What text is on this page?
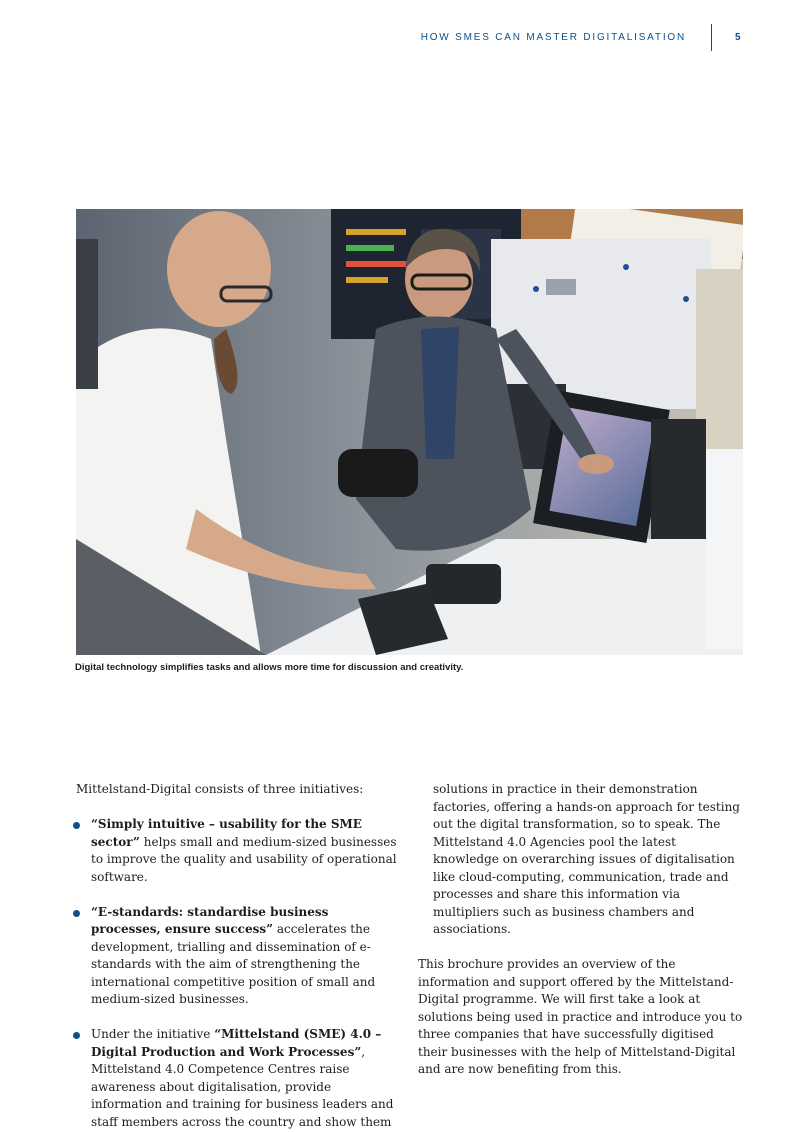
HOW SMES CAN MASTER DIGITALISATION	5
Digital technology simplifies tasks and allows more time for discussion and creativity.

Mittelstand-Digital consists of three initiatives:

“Simply intuitive – usability for the SME sector” helps small and medium-sized businesses to improve the quality and usability of operational software.
“E-standards: standardise business processes, ensure success” accelerates the development, trialling and dissemination of e-standards with the aim of strengthening the international competitive position of small and medium-sized businesses.
Under the initiative “Mittelstand (SME) 4.0 – Digital Production and Work Processes”, Mittelstand 4.0 Competence Centres raise awareness about digitalisation, provide information and training for business leaders and staff members across the country and show them

solutions in practice in their demonstration factories, offering a hands-on approach for testing out the digital transformation, so to speak. The Mittelstand 4.0 Agencies pool the latest knowledge on overarching issues of digitalisation like cloud-computing, communication, trade and processes and share this information via multipliers such as business chambers and associations.

This brochure provides an overview of the information and support offered by the Mittelstand-Digital programme. We will first take a look at solutions being used in practice and introduce you to three companies that have successfully digitised their businesses with the help of Mittelstand-Digital and are now benefiting from this.
